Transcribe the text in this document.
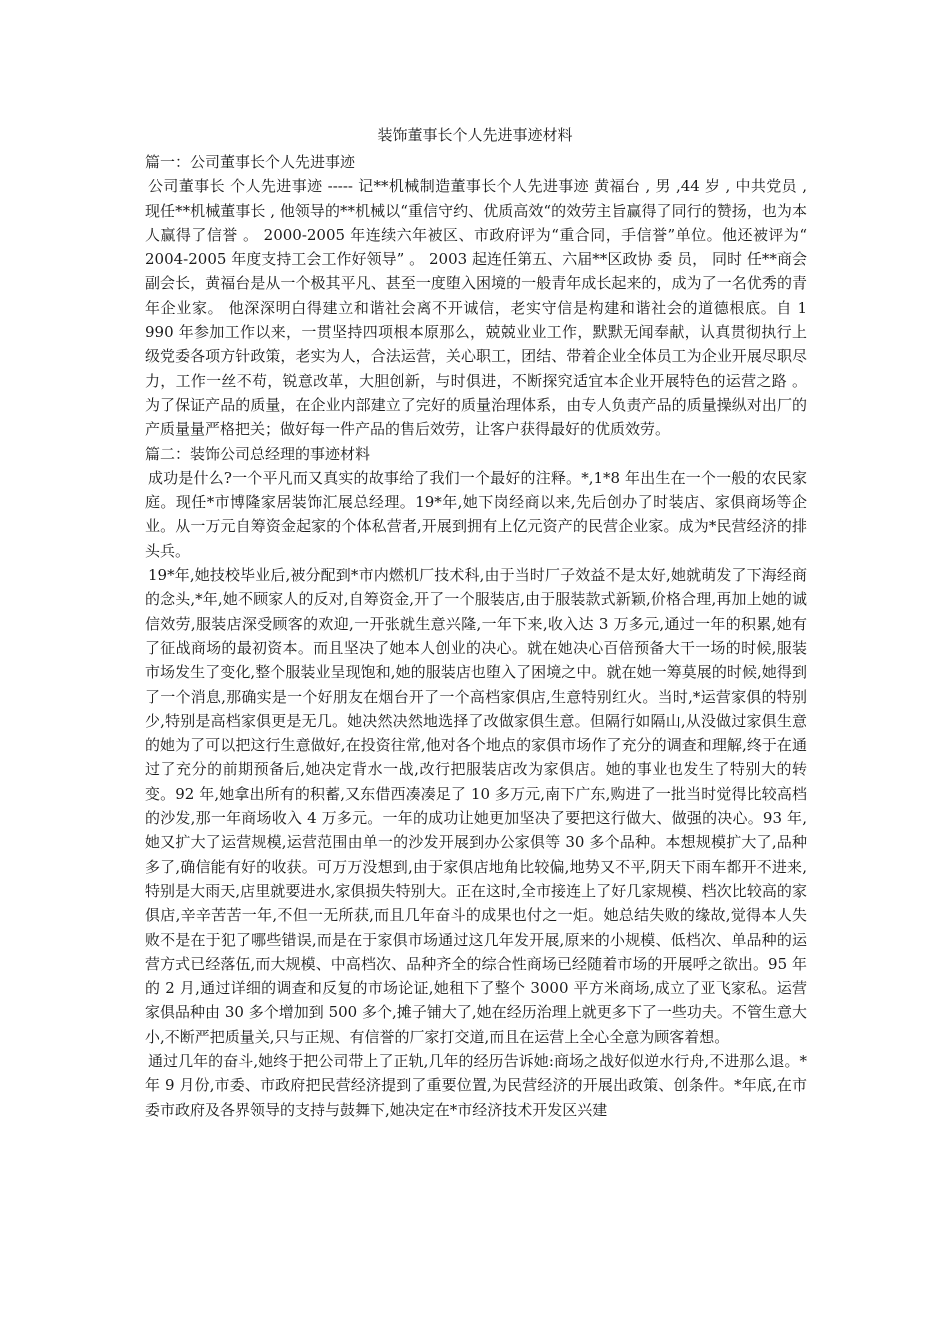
装饰董事长个人先进事迹材料

篇一：公司董事长个人先进事迹

公司董事长 个人先进事迹 ----- 记**机械制造董事长个人先进事迹 黄福台 , 男 ,44 岁 , 中共党员 , 现任**机械董事长 , 他领导的**机械以“重信守约、优质高效“的效劳主旨赢得了同行的赞扬，也为本人赢得了信誉 。 2000-2005 年连续六年被区、市政府评为“重合同，手信誉”单位。他还被评为“ 2004-2005 年度支持工会工作好领导” 。 2003 起连任第五、六届**区政协 委 员， 同时 任**商会副会长，黄福台是从一个极其平凡、甚至一度堕入困境的一般青年成长起来的，成为了一名优秀的青年企业家。 他深深明白得建立和谐社会离不开诚信，老实守信是构建和谐社会的道德根底。自 1 990 年参加工作以来，一贯坚持四项根本原那么，兢兢业业工作，默默无闻奉献，认真贯彻执行上级党委各项方针政策，老实为人，合法运营，关心职工，团结、带着企业全体员工为企业开展尽职尽力，工作一丝不苟，锐意改革，大胆创新，与时俱进，不断探究适宜本企业开展特色的运营之路 。为了保证产品的质量，在企业内部建立了完好的质量治理体系，由专人负责产品的质量操纵对出厂的产质量量严格把关；做好每一件产品的售后效劳，让客户获得最好的优质效劳。

篇二：装饰公司总经理的事迹材料

成功是什么?一个平凡而又真实的故事给了我们一个最好的注释。*,1*8 年出生在一个一般的农民家庭。现任*市博隆家居装饰汇展总经理。19*年,她下岗经商以来,先后创办了时装店、家俱商场等企业。从一万元自筹资金起家的个体私营者,开展到拥有上亿元资产的民营企业家。成为*民营经济的排头兵。

19*年,她技校毕业后,被分配到*市内燃机厂技术科,由于当时厂子效益不是太好,她就萌发了下海经商的念头,*年,她不顾家人的反对,自筹资金,开了一个服装店,由于服装款式新颖,价格合理,再加上她的诚信效劳,服装店深受顾客的欢迎,一开张就生意兴隆,一年下来,收入达 3 万多元,通过一年的积累,她有了征战商场的最初资本。而且坚决了她本人创业的决心。就在她决心百倍预备大干一场的时候,服装市场发生了变化,整个服装业呈现饱和,她的服装店也堕入了困境之中。就在她一筹莫展的时候,她得到了一个消息,那确实是一个好朋友在烟台开了一个高档家俱店,生意特别红火。当时,*运营家俱的特别少,特别是高档家俱更是无几。她决然决然地选择了改做家俱生意。但隔行如隔山,从没做过家俱生意的她为了可以把这行生意做好,在投资往常,他对各个地点的家俱市场作了充分的调查和理解,终于在通过了充分的前期预备后,她决定背水一战,改行把服装店改为家俱店。她的事业也发生了特别大的转变。92 年,她拿出所有的积蓄,又东借西凑凑足了 10 多万元,南下广东,购进了一批当时觉得比较高档的沙发,那一年商场收入 4 万多元。一年的成功让她更加坚决了要把这行做大、做强的决心。93 年,她又扩大了运营规模,运营范围由单一的沙发开展到办公家俱等 30 多个品种。本想规模扩大了,品种多了,确信能有好的收获。可万万没想到,由于家俱店地角比较偏,地势又不平,阴天下雨车都开不进来,特别是大雨天,店里就要进水,家俱损失特别大。正在这时,全市接连上了好几家规模、档次比较高的家俱店,辛辛苦苦一年,不但一无所获,而且几年奋斗的成果也付之一炬。她总结失败的缘故,觉得本人失败不是在于犯了哪些错误,而是在于家俱市场通过这几年发开展,原来的小规模、低档次、单品种的运营方式已经落伍,而大规模、中高档次、品种齐全的综合性商场已经随着市场的开展呼之欲出。95 年的 2 月,通过详细的调查和反复的市场论证,她租下了整个 3000 平方米商场,成立了亚飞家私。运营家俱品种由 30 多个增加到 500 多个,摊子铺大了,她在经历治理上就更多下了一些功夫。不管生意大小,不断严把质量关,只与正规、有信誉的厂家打交道,而且在运营上全心全意为顾客着想。

通过几年的奋斗,她终于把公司带上了正轨,几年的经历告诉她:商场之战好似逆水行舟,不进那么退。*年 9 月份,市委、市政府把民营经济提到了重要位置,为民营经济的开展出政策、创条件。*年底,在市委市政府及各界领导的支持与鼓舞下,她决定在*市经济技术开发区兴建
